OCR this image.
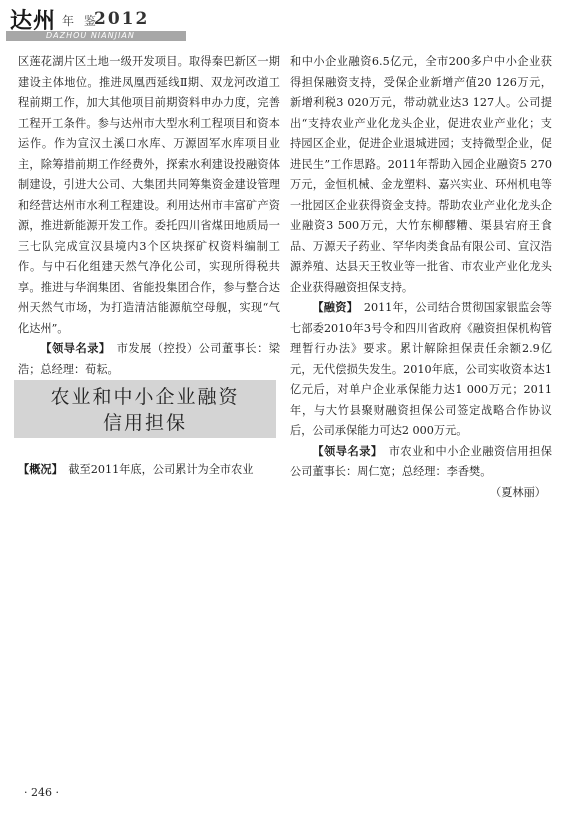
达州 年 鉴
2012
DAZHOU NIANJIAN

区莲花湖片区土地一级开发项目。取得秦巴新区一期建设主体地位。推进凤凰西延线Ⅱ期、双龙河改道工程前期工作，加大其他项目前期资料申办力度，完善工程开工条件。参与达州市大型水利工程项目和资本运作。作为宣汉土溪口水库、万源固军水库项目业主，除筹措前期工作经费外，探索水利建设投融资体制建设，引进大公司、大集团共同筹集资金建设管理和经营达州市水利工程建设。利用达州市丰富矿产资源，推进新能源开发工作。委托四川省煤田地质局一三七队完成宣汉县境内3个区块探矿权资料编制工作。与中石化组建天然气净化公司，实现所得税共享。推进与华润集团、省能投集团合作，参与整合达州天然气市场，为打造清洁能源航空母舰，实现“气化达州”。

【领导名录】　 市发展（控投）公司董事长：梁浩；总经理：荀耘。

农业和中小企业融资
信用担保
【概况】　 截至2011年底，公司累计为全市农业

和中小企业融资6.5亿元，全市200多户中小企业获得担保融资支持，受保企业新增产值20 126万元，新增利税3 020万元，带动就业达3 127人。公司提出“支持农业产业化龙头企业，促进农业产业化；支持园区企业，促进企业退城进园；支持微型企业，促进民生”工作思路。2011年帮助入园企业融资5 270万元，金恒机械、金龙塑料、嘉兴实业、环州机电等一批园区企业获得资金支持。帮助农业产业化龙头企业融资3 500万元，大竹东柳醪糟、渠县宕府王食品、万源天子药业、罕华肉类食品有限公司、宣汉浩源养殖、达县天王牧业等一批省、市农业产业化龙头企业获得融资担保支持。

【融资】　 2011年，公司结合贯彻国家银监会等七部委2010年3号令和四川省政府《融资担保机构管理暂行办法》要求。累计解除担保责任余额2.9亿元，无代偿损失发生。2010年底，公司实收资本达1亿元后，对单户企业承保能力达1 000万元；2011年，与大竹县聚财融资担保公司签定战略合作协议后，公司承保能力可达2 000万元。

【领导名录】　 市农业和中小企业融资信用担保公司董事长：周仁宽；总经理：李香樊。

（夏林丽）

· 246 ·
